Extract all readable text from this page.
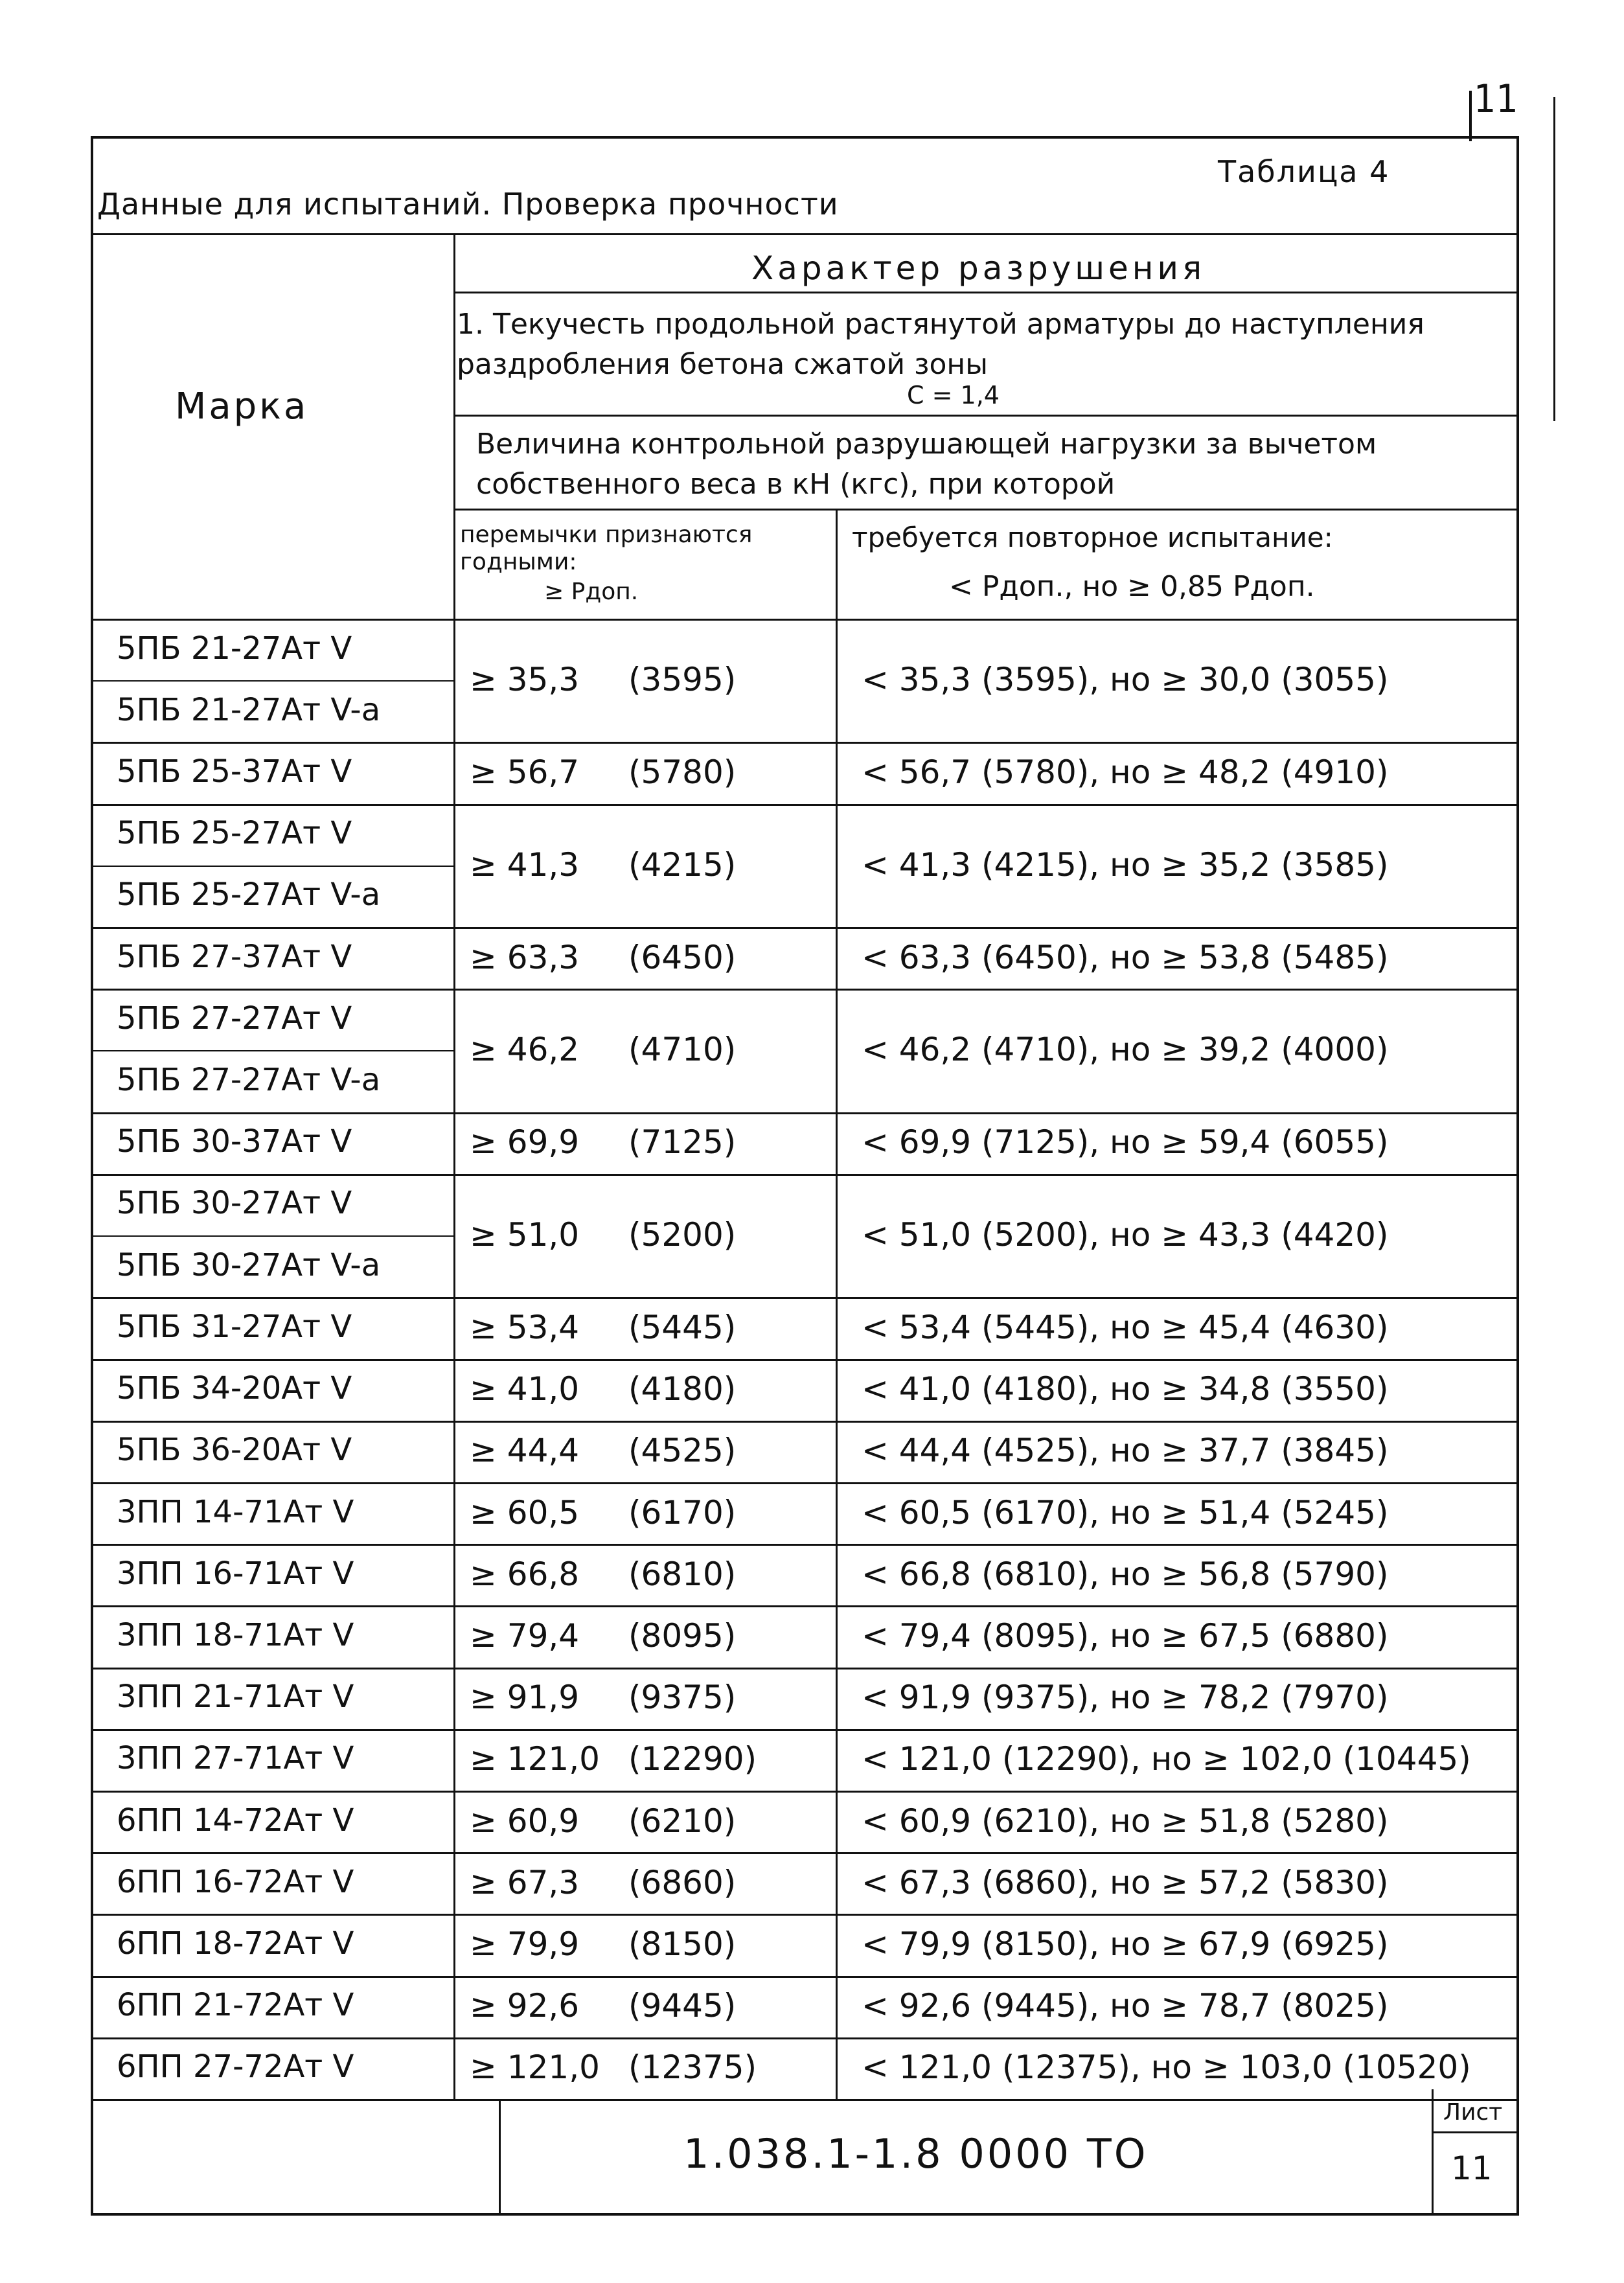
11
Таблица 4
Данные для испытаний. Проверка прочности
Марка
Характер разрушения
1. Текучесть продольной растянутой арматуры до наступления раздробления бетона сжатой зоны
С = 1,4
Величина контрольной разрушающей нагрузки за вычетом собственного веса в кН (кгс), при которой
перемычки признаются
годными:
≥ Pдоп.
требуется повторное испытание:
< Pдоп., но ≥ 0,85 Pдоп.
5ПБ 21-27Ат V
5ПБ 21-27Ат V-а
≥ 35,3 (3595)	< 35,3 (3595), но ≥ 30,0 (3055)
5ПБ 25-37Ат V	≥ 56,7 (5780)	< 56,7 (5780), но ≥ 48,2 (4910)
5ПБ 25-27Ат V
5ПБ 25-27Ат V-а
≥ 41,3 (4215)	< 41,3 (4215), но ≥ 35,2 (3585)
5ПБ 27-37Ат V	≥ 63,3 (6450)	< 63,3 (6450), но ≥ 53,8 (5485)
5ПБ 27-27Ат V
5ПБ 27-27Ат V-а
≥ 46,2 (4710)	< 46,2 (4710), но ≥ 39,2 (4000)
5ПБ 30-37Ат V	≥ 69,9 (7125)	< 69,9 (7125), но ≥ 59,4 (6055)
5ПБ 30-27Ат V
5ПБ 30-27Ат V-а
≥ 51,0 (5200)	< 51,0 (5200), но ≥ 43,3 (4420)
5ПБ 31-27Ат V	≥ 53,4 (5445)	< 53,4 (5445), но ≥ 45,4 (4630)
5ПБ 34-20Ат V	≥ 41,0 (4180)	< 41,0 (4180), но ≥ 34,8 (3550)
5ПБ 36-20Ат V	≥ 44,4 (4525)	< 44,4 (4525), но ≥ 37,7 (3845)
3ПП 14-71Ат V	≥ 60,5 (6170)	< 60,5 (6170), но ≥ 51,4 (5245)
3ПП 16-71Ат V	≥ 66,8 (6810)	< 66,8 (6810), но ≥ 56,8 (5790)
3ПП 18-71Ат V	≥ 79,4 (8095)	< 79,4 (8095), но ≥ 67,5 (6880)
3ПП 21-71Ат V	≥ 91,9 (9375)	< 91,9 (9375), но ≥ 78,2 (7970)
3ПП 27-71Ат V	≥ 121,0 (12290)	< 121,0 (12290), но ≥ 102,0 (10445)
6ПП 14-72Ат V	≥ 60,9 (6210)	< 60,9 (6210), но ≥ 51,8 (5280)
6ПП 16-72Ат V	≥ 67,3 (6860)	< 67,3 (6860), но ≥ 57,2 (5830)
6ПП 18-72Ат V	≥ 79,9 (8150)	< 79,9 (8150), но ≥ 67,9 (6925)
6ПП 21-72Ат V	≥ 92,6 (9445)	< 92,6 (9445), но ≥ 78,7 (8025)
6ПП 27-72Ат V	≥ 121,0 (12375)	< 121,0 (12375), но ≥ 103,0 (10520)
1.038.1-1.8 0000 ТО
Лист
11
